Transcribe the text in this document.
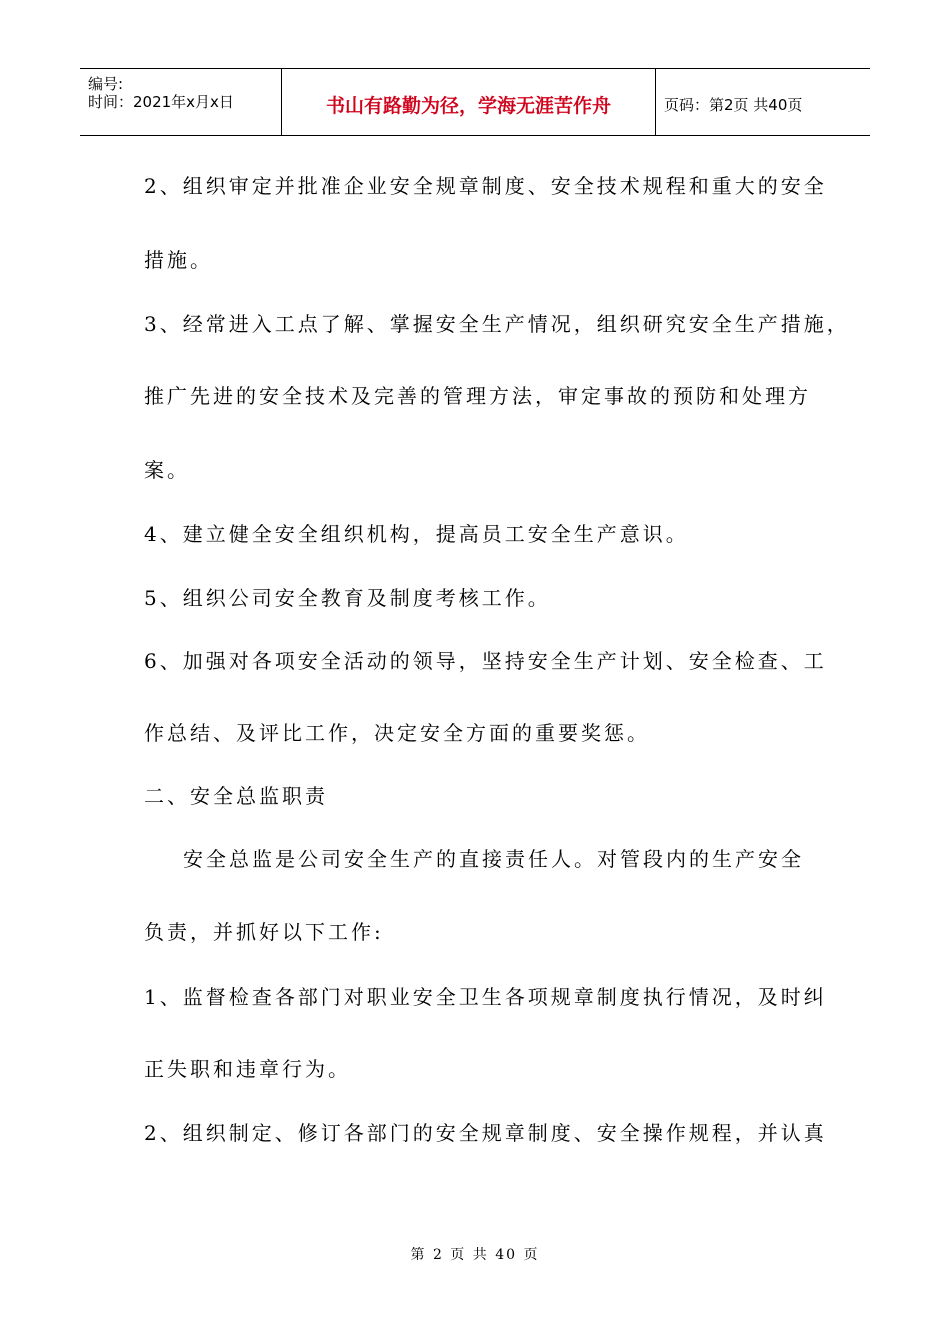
编号:
时间：2021年x月x日	书山有路勤为径，学海无涯苦作舟	页码：第2页 共40页
2、组织审定并批准企业安全规章制度、安全技术规程和重大的安全
措施。
3、经常进入工点了解、掌握安全生产情况，组织研究安全生产措施，
推广先进的安全技术及完善的管理方法，审定事故的预防和处理方
案。
4、建立健全安全组织机构，提高员工安全生产意识。
5、组织公司安全教育及制度考核工作。
6、加强对各项安全活动的领导，坚持安全生产计划、安全检查、工
作总结、及评比工作，决定安全方面的重要奖惩。
二、安全总监职责
　安全总监是公司安全生产的直接责任人。对管段内的生产安全
负责，并抓好以下工作:
1、监督检查各部门对职业安全卫生各项规章制度执行情况，及时纠
正失职和违章行为。
2、组织制定、修订各部门的安全规章制度、安全操作规程，并认真
第 2 页 共 40 页
